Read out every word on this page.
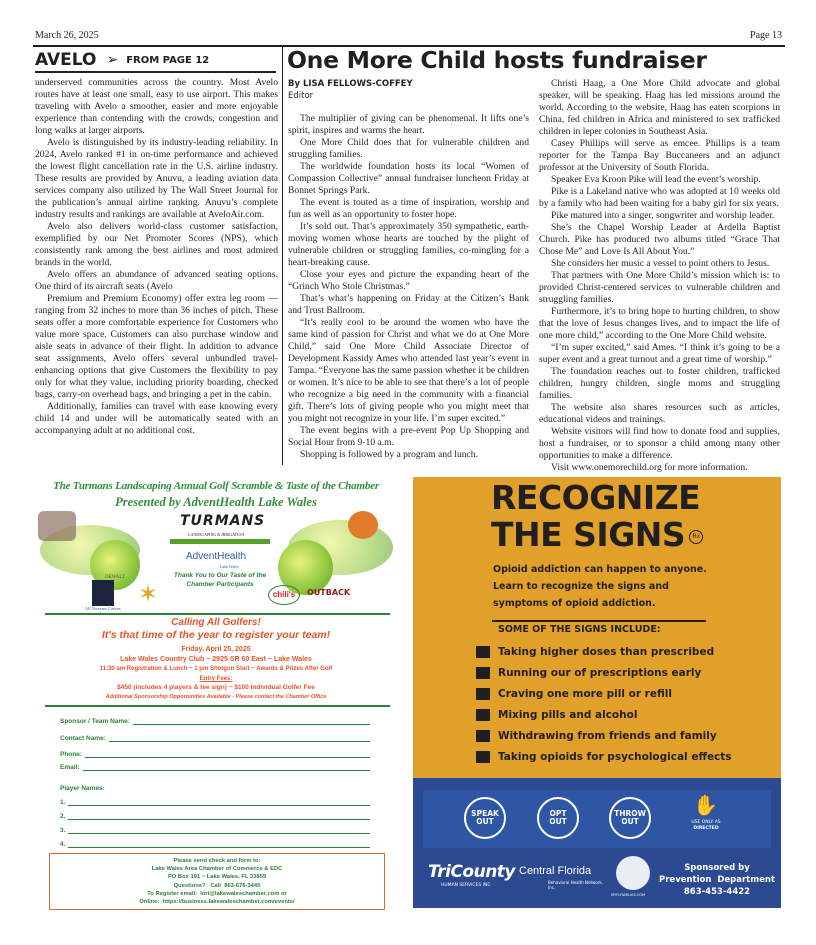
March 26, 2025	Page 13
AVELO ➢ FROM PAGE 12

underserved communities across the country. Most Avelo routes have at least one small, easy to use airport. This makes traveling with Avelo a smoother, easier and more enjoyable experience than contending with the crowds, congestion and long walks at larger airports.

Avelo is distinguished by its industry-leading reliability. In 2024, Avelo ranked #1 in on-time performance and achieved the lowest flight cancellation rate in the U.S. airline industry. These results are provided by Anuvu, a leading aviation data services company also utilized by The Wall Street Journal for the publication’s annual airline ranking. Anuvu’s complete industry results and rankings are available at AveloAir.com.

Avelo also delivers world-class customer satisfaction, exemplified by our Net Promoter Scores (NPS), which consistently rank among the best airlines and most admired brands in the world.

Avelo offers an abundance of advanced seating options. One third of its aircraft seats (Avelo

Premium and Premium Economy) offer extra leg room — ranging from 32 inches to more than 36 inches of pitch. These seats offer a more comfortable experience for Customers who value more space. Customers can also purchase window and aisle seats in advance of their flight. In addition to advance seat assignments, Avelo offers several unbundled travel-enhancing options that give Customers the flexibility to pay only for what they value, including priority boarding, checked bags, carry-on overhead bags, and bringing a pet in the cabin.

Additionally, families can travel with ease knowing every child 14 and under will be automatically seated with an accompanying adult at no additional cost.

One More Child hosts fundraiser
By LISA FELLOWS-COFFEY
Editor

The multiplier of giving can be phenomenal. It lifts one’s spirit, inspires and warms the heart.

One More Child does that for vulnerable children and struggling families.

The worldwide foundation hosts its local “Women of Compassion Collective” annual fundraiser luncheon Friday at Bonnet Springs Park.

The event is touted as a time of inspiration, worship and fun as well as an opportunity to foster hope.

It’s sold out. That’s approximately 350 sympathetic, earth-moving women whose hearts are touched by the plight of vulnerable children or struggling families, co-mingling for a heart-breaking cause.

Close your eyes and picture the expanding heart of the “Grinch Who Stole Christmas.”

That’s what’s happening on Friday at the Citizen’s Bank and Trust Ballroom.

“It’s really cool to be around the women who have the same kind of passion for Christ and what we do at One More Child,” said One More Child Associate Director of Development Kassidy Ames who attended last year’s event in Tampa. “Everyone has the same passion whether it be children or women. It’s nice to be able to see that there’s a lot of people who recognize a big need in the community with a financial gift. There’s lots of giving people who you might meet that you might not recognize in your life. I’m super excited.”

The event begins with a pre-event Pop Up Shopping and Social Hour from 9-10 a.m.

Shopping is followed by a program and lunch.

Christi Haag, a One More Child advocate and global speaker, will be speaking. Haag has led missions around the world. According to the website, Haag has eaten scorpions in China, fed children in Africa and ministered to sex trafficked children in leper colonies in Southeast Asia.

Casey Phillips will serve as emcee. Phillips is a team reporter for the Tampa Bay Buccaneers and an adjunct professor at the University of South Florida.

Speaker Eva Kroon Pike will lead the event’s worship.

Pike is a Lakeland native who was adopted at 10 weeks old by a family who had been waiting for a baby girl for six years.

Pike matured into a singer, songwriter and worship leader.

She’s the Chapel Worship Leader at Ardella Baptist Church. Pike has produced two albums titled “Grace That Chose Me” and Love Is All About You.”

She considers her music a vessel to point others to Jesus.

That partners with One More Child’s mission which is: to provided Christ-centered services to vulnerable children and struggling families.

Furthermore, it’s to bring hope to hurting children, to show that the love of Jesus changes lives, and to impact the life of one more child,” according to the One More Child website.

“I’m super excited,” said Ames. “I think it’s going to be a super event and a great turnout and a great time of worship.”

The foundation reaches out to foster children, trafficked children, hungry children, single moms and struggling families.

The website also shares resources such as articles, educational videos and trainings.

Website visitors will find how to donate food and supplies, host a fundraiser, or to sponsor a child among many other opportunities to make a difference.

Visit www.onemorechild.org for more information.

The Turmans Landscaping Annual Golf Scramble & Taste of the Chamber
Presented by AdventHealth Lake Wales
DEWALT
TURMANS
LANDSCAPING & IRRIGATION
AdventHealth
Lake Wales
Thank You to Our Taste of the Chamber Participants
All Veterans Center,
✶	chili's	OUTBACK
Calling All Golfers!
It's that time of the year to register your team!
Friday, April 25, 2025
Lake Wales Country Club ~ 2925 SR 60 East ~ Lake Wales
11:30 am Registration & Lunch ~ 1 pm Shotgun Start ~ Awards & Prizes After Golf
Entry Fees:
$450 (includes 4 players & tee sign) ~ $100 Individual Golfer Fee
Additional Sponsorship Opportunities Available - Please contact the Chamber Office
Sponsor / Team Name:
Contact Name:
Phone:
Email:
Player Names:
1.
2.
3.
4.
Please send check and form to:
Lake Wales Area Chamber of Commerce & EDC
PO Box 191 ~ Lake Wales, FL 33859
Questions?   Call  863-676-3445
To Register email:  lori@lakewaleschamber.com or
Online:  https://business.lakewaleschamber.com/events/
RECOGNIZE
THE SIGNS Rx
Opioid addiction can happen to anyone.
Learn to recognize the signs and
symptoms of opioid addiction.
SOME OF THE SIGNS INCLUDE:
Taking higher doses than prescribed
Running our of prescriptions early
Craving one more pill or refill
Mixing pills and alcohol
Withdrawing from friends and family
Taking opioids for psychological effects
SPEAK
OUT
OPT
OUT
THROW
OUT
✋
USE ONLY AS
DIRECTED
TriCounty
HUMAN SERVICES INC
Central Florida
Behavioral Health Network, Inc.
MYFLFAMILIES.COM
Sponsored by
Prevention  Department
863-453-4422
